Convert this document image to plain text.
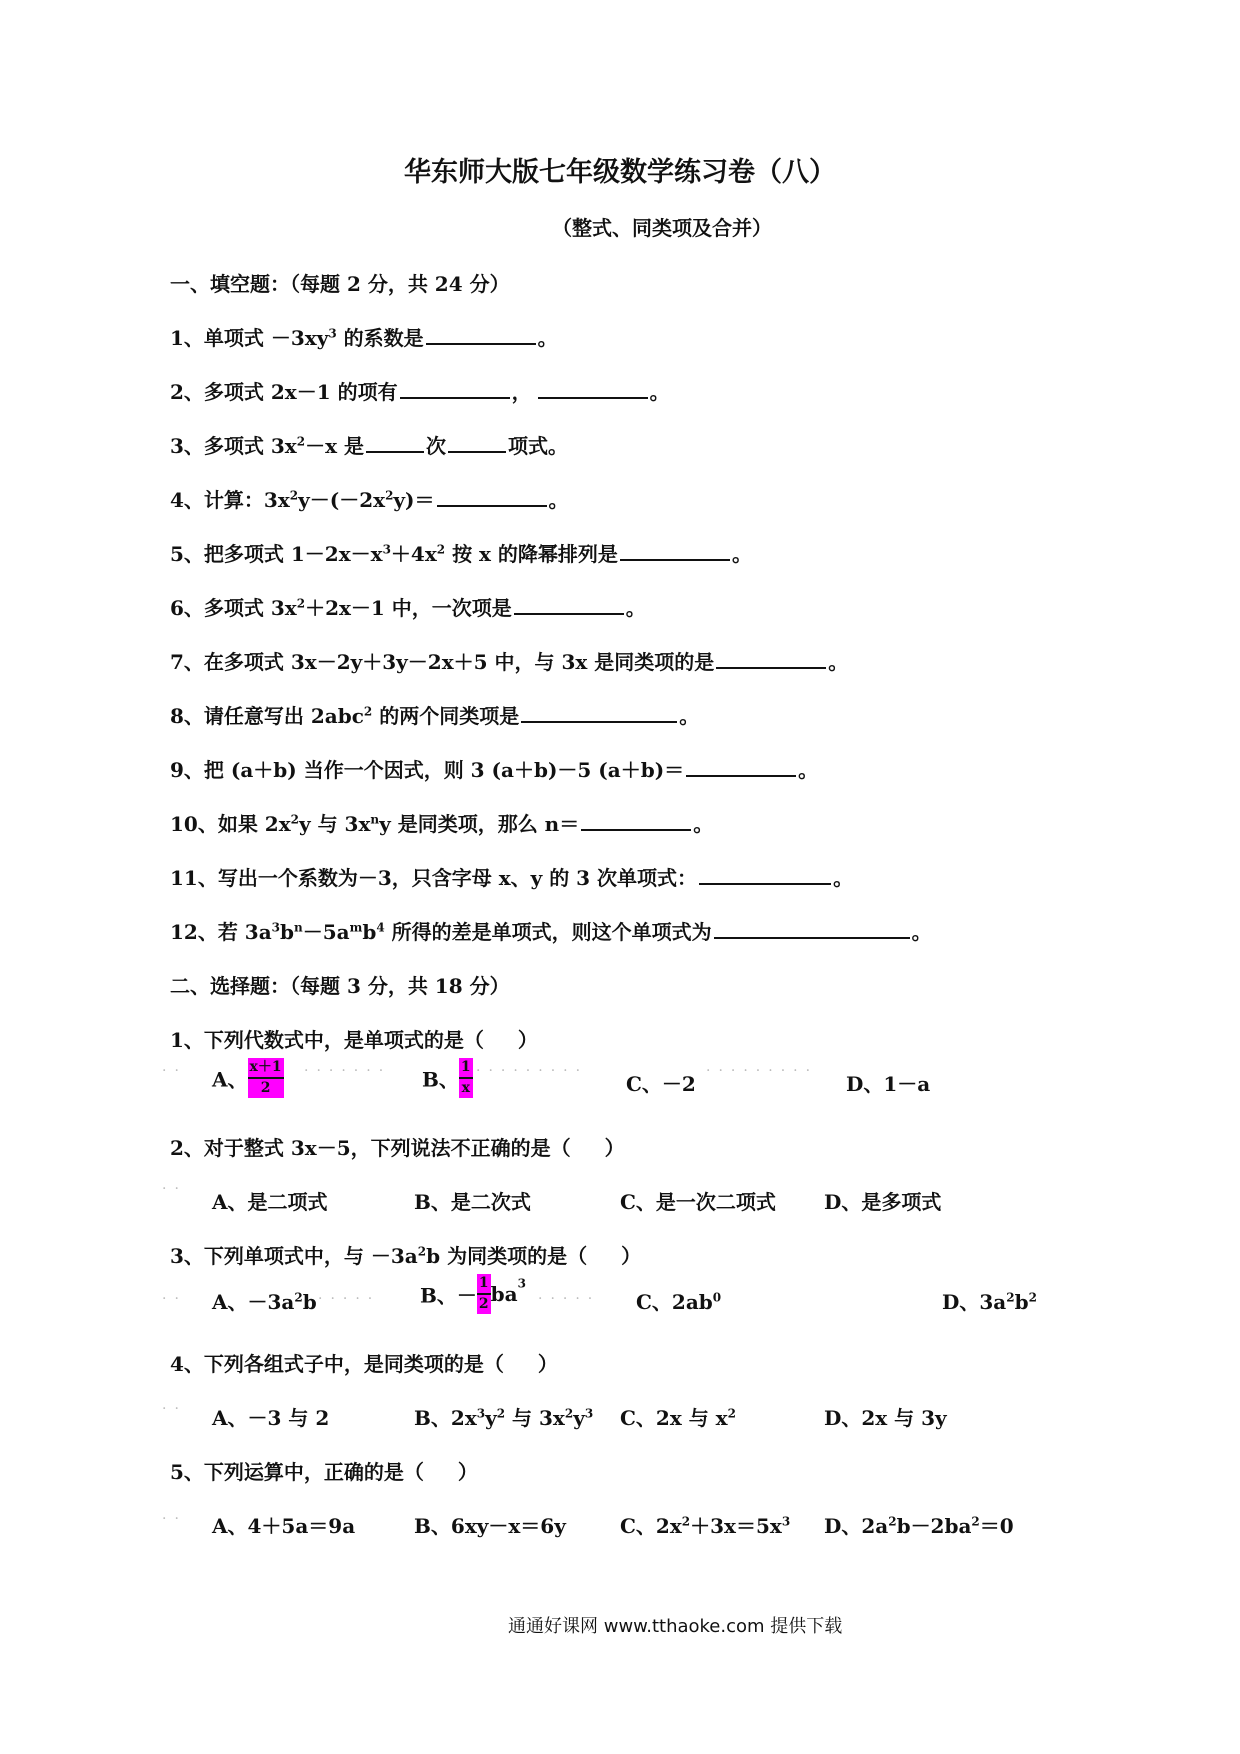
华东师大版七年级数学练习卷（八）
（整式、同类项及合并）
一、填空题：（每题 2 分，共 24 分）
1、单项式 $-3xy^3$ 的系数是	。
2、多项式 2x－1 的项有	，	。
3、多项式 $3x^2-x$ 是	次	项式。
4、计算：$3x^2y-(-2x^2y)=$	。
5、把多项式 $1-2x-x^3+4x^2$ 按 x 的降幂排列是	。
6、多项式 $3x^2+2x-1$ 中，一次项是	。
7、在多项式 3x－2y＋3y－2x＋5 中，与 3x 是同类项的是	。
8、请任意写出 2abc$^2$ 的两个同类项是	。
9、把 (a＋b) 当作一个因式，则 3 (a＋b)－5 (a＋b)＝	。
10、如果 $2x^2y$ 与 $3x^ny$ 是同类项，那么 n＝	。
11、写出一个系数为－3，只含字母 x、y 的 3 次单项式：	。
12、若 $3a^3b^n-5a^mb^4$ 所得的差是单项式，则这个单项式为	。
二、选择题：（每题 3 分，共 18 分）
1、下列代数式中，是单项式的是（ ）
·· A、 $\frac{x+1}{2}$ ······· B、 $\frac{1}{x}$ ·········
C、－2
·········
D、1－a
2、对于整式 3x－5，下列说法不正确的是（ ）
··
A、是二项式	B、是二次式	C、是一次二项式 D、是多项式
3、下列单项式中，与 $-3a^2b$ 为同类项的是（ ）
·· A、$-3a^2b$ ····· B、－ $\frac{1}{2} ba^3$
····· C、$2ab^0$	D、$3a^2b^2$
4、下列各组式子中，是同类项的是（ ）
·· A、－3 与 2	B、$2x^3y^2$ 与 $3x^2y^3$ C、2x 与 $x^2$	D、2x 与 3y
5、下列运算中，正确的是（ ）
·· A、4＋5a＝9a	B、6xy－x＝6y	C、$2x^2+3x=5x^3$ D、$2a^2b-2ba^2=0$
通通好课网 www.tthaoke.com 提供下载
